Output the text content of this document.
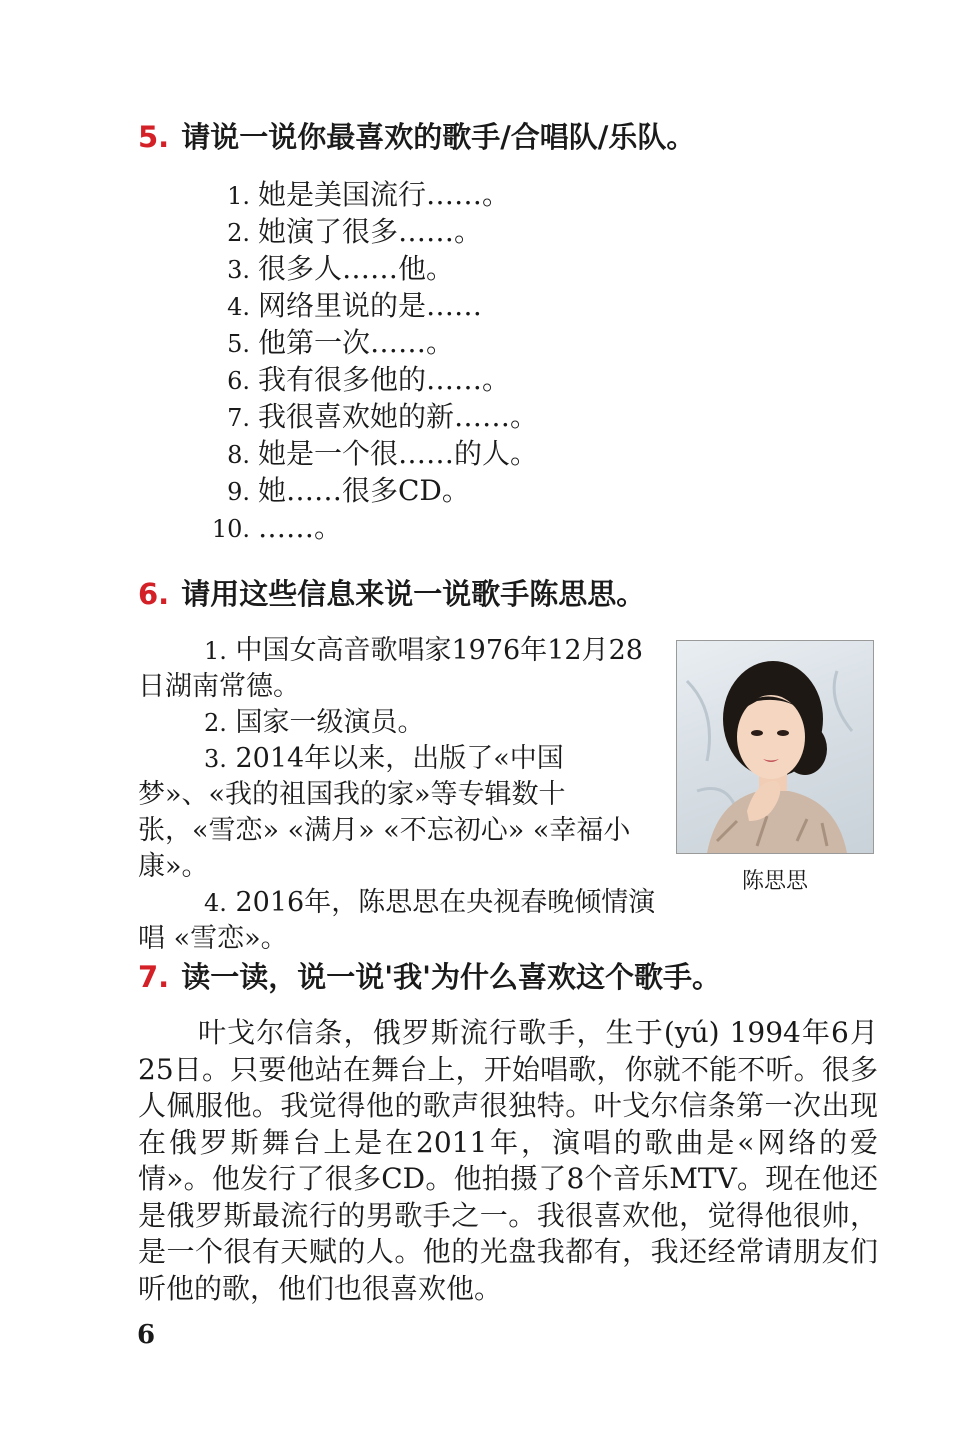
5. 请说一说你最喜欢的歌手/合唱队/乐队。
1. 她是美国流行……。
2. 她演了很多……。
3. 很多人……他。
4. 网络里说的是……
5. 他第一次……。
6. 我有很多他的……。
7. 我很喜欢她的新……。
8. 她是一个很……的人。
9. 她……很多CD。
10. ……。
6. 请用这些信息来说一说歌手陈思思。
1. 中国女高音歌唱家1976年12月28日湖南常德。
2. 国家一级演员。
3. 2014年以来，出版了«中国梦»、«我的祖国我的家»等专辑数十张，«雪恋» «满月» «不忘初心» «幸福小康»。
4. 2016年，陈思思在央视春晚倾情演唱 «雪恋»。
陈思思
7. 读一读，说一说'我'为什么喜欢这个歌手。

叶戈尔信条，俄罗斯流行歌手，生于(yú) 1994年6月25日。只要他站在舞台上，开始唱歌，你就不能不听。很多人佩服他。我觉得他的歌声很独特。叶戈尔信条第一次出现在俄罗斯舞台上是在2011年，演唱的歌曲是«网络的爱情»。他发行了很多CD。他拍摄了8个音乐MTV。现在他还是俄罗斯最流行的男歌手之一。我很喜欢他，觉得他很帅，是一个很有天赋的人。他的光盘我都有，我还经常请朋友们听他的歌，他们也很喜欢他。

6
